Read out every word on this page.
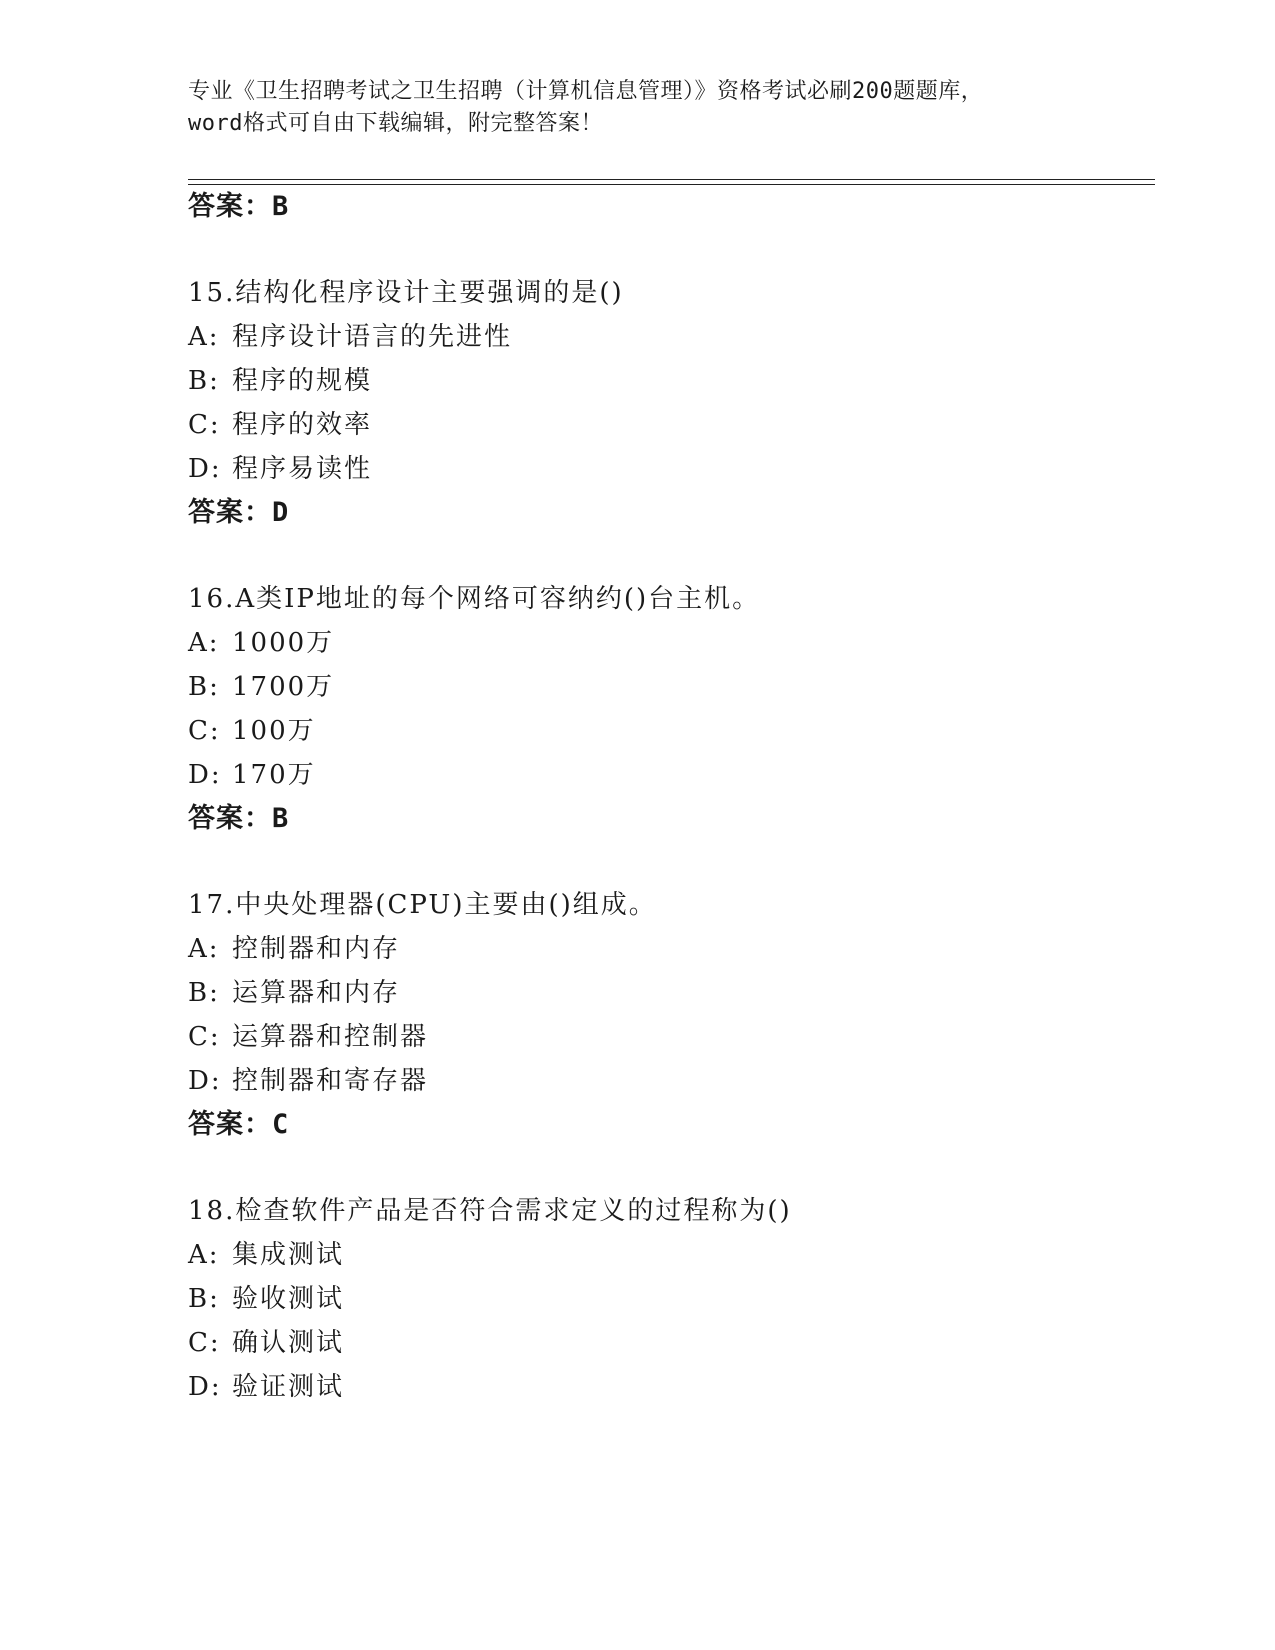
专业《卫生招聘考试之卫生招聘（计算机信息管理）》资格考试必刷200题题库，
word格式可自由下载编辑，附完整答案！
答案：B
15.结构化程序设计主要强调的是()
A: 程序设计语言的先进性
B: 程序的规模
C: 程序的效率
D: 程序易读性
答案：D
16.A类IP地址的每个网络可容纳约()台主机。
A: 1000万
B: 1700万
C: 100万
D: 170万
答案：B
17.中央处理器(CPU)主要由()组成。
A: 控制器和内存
B: 运算器和内存
C: 运算器和控制器
D: 控制器和寄存器
答案：C
18.检查软件产品是否符合需求定义的过程称为()
A: 集成测试
B: 验收测试
C: 确认测试
D: 验证测试
